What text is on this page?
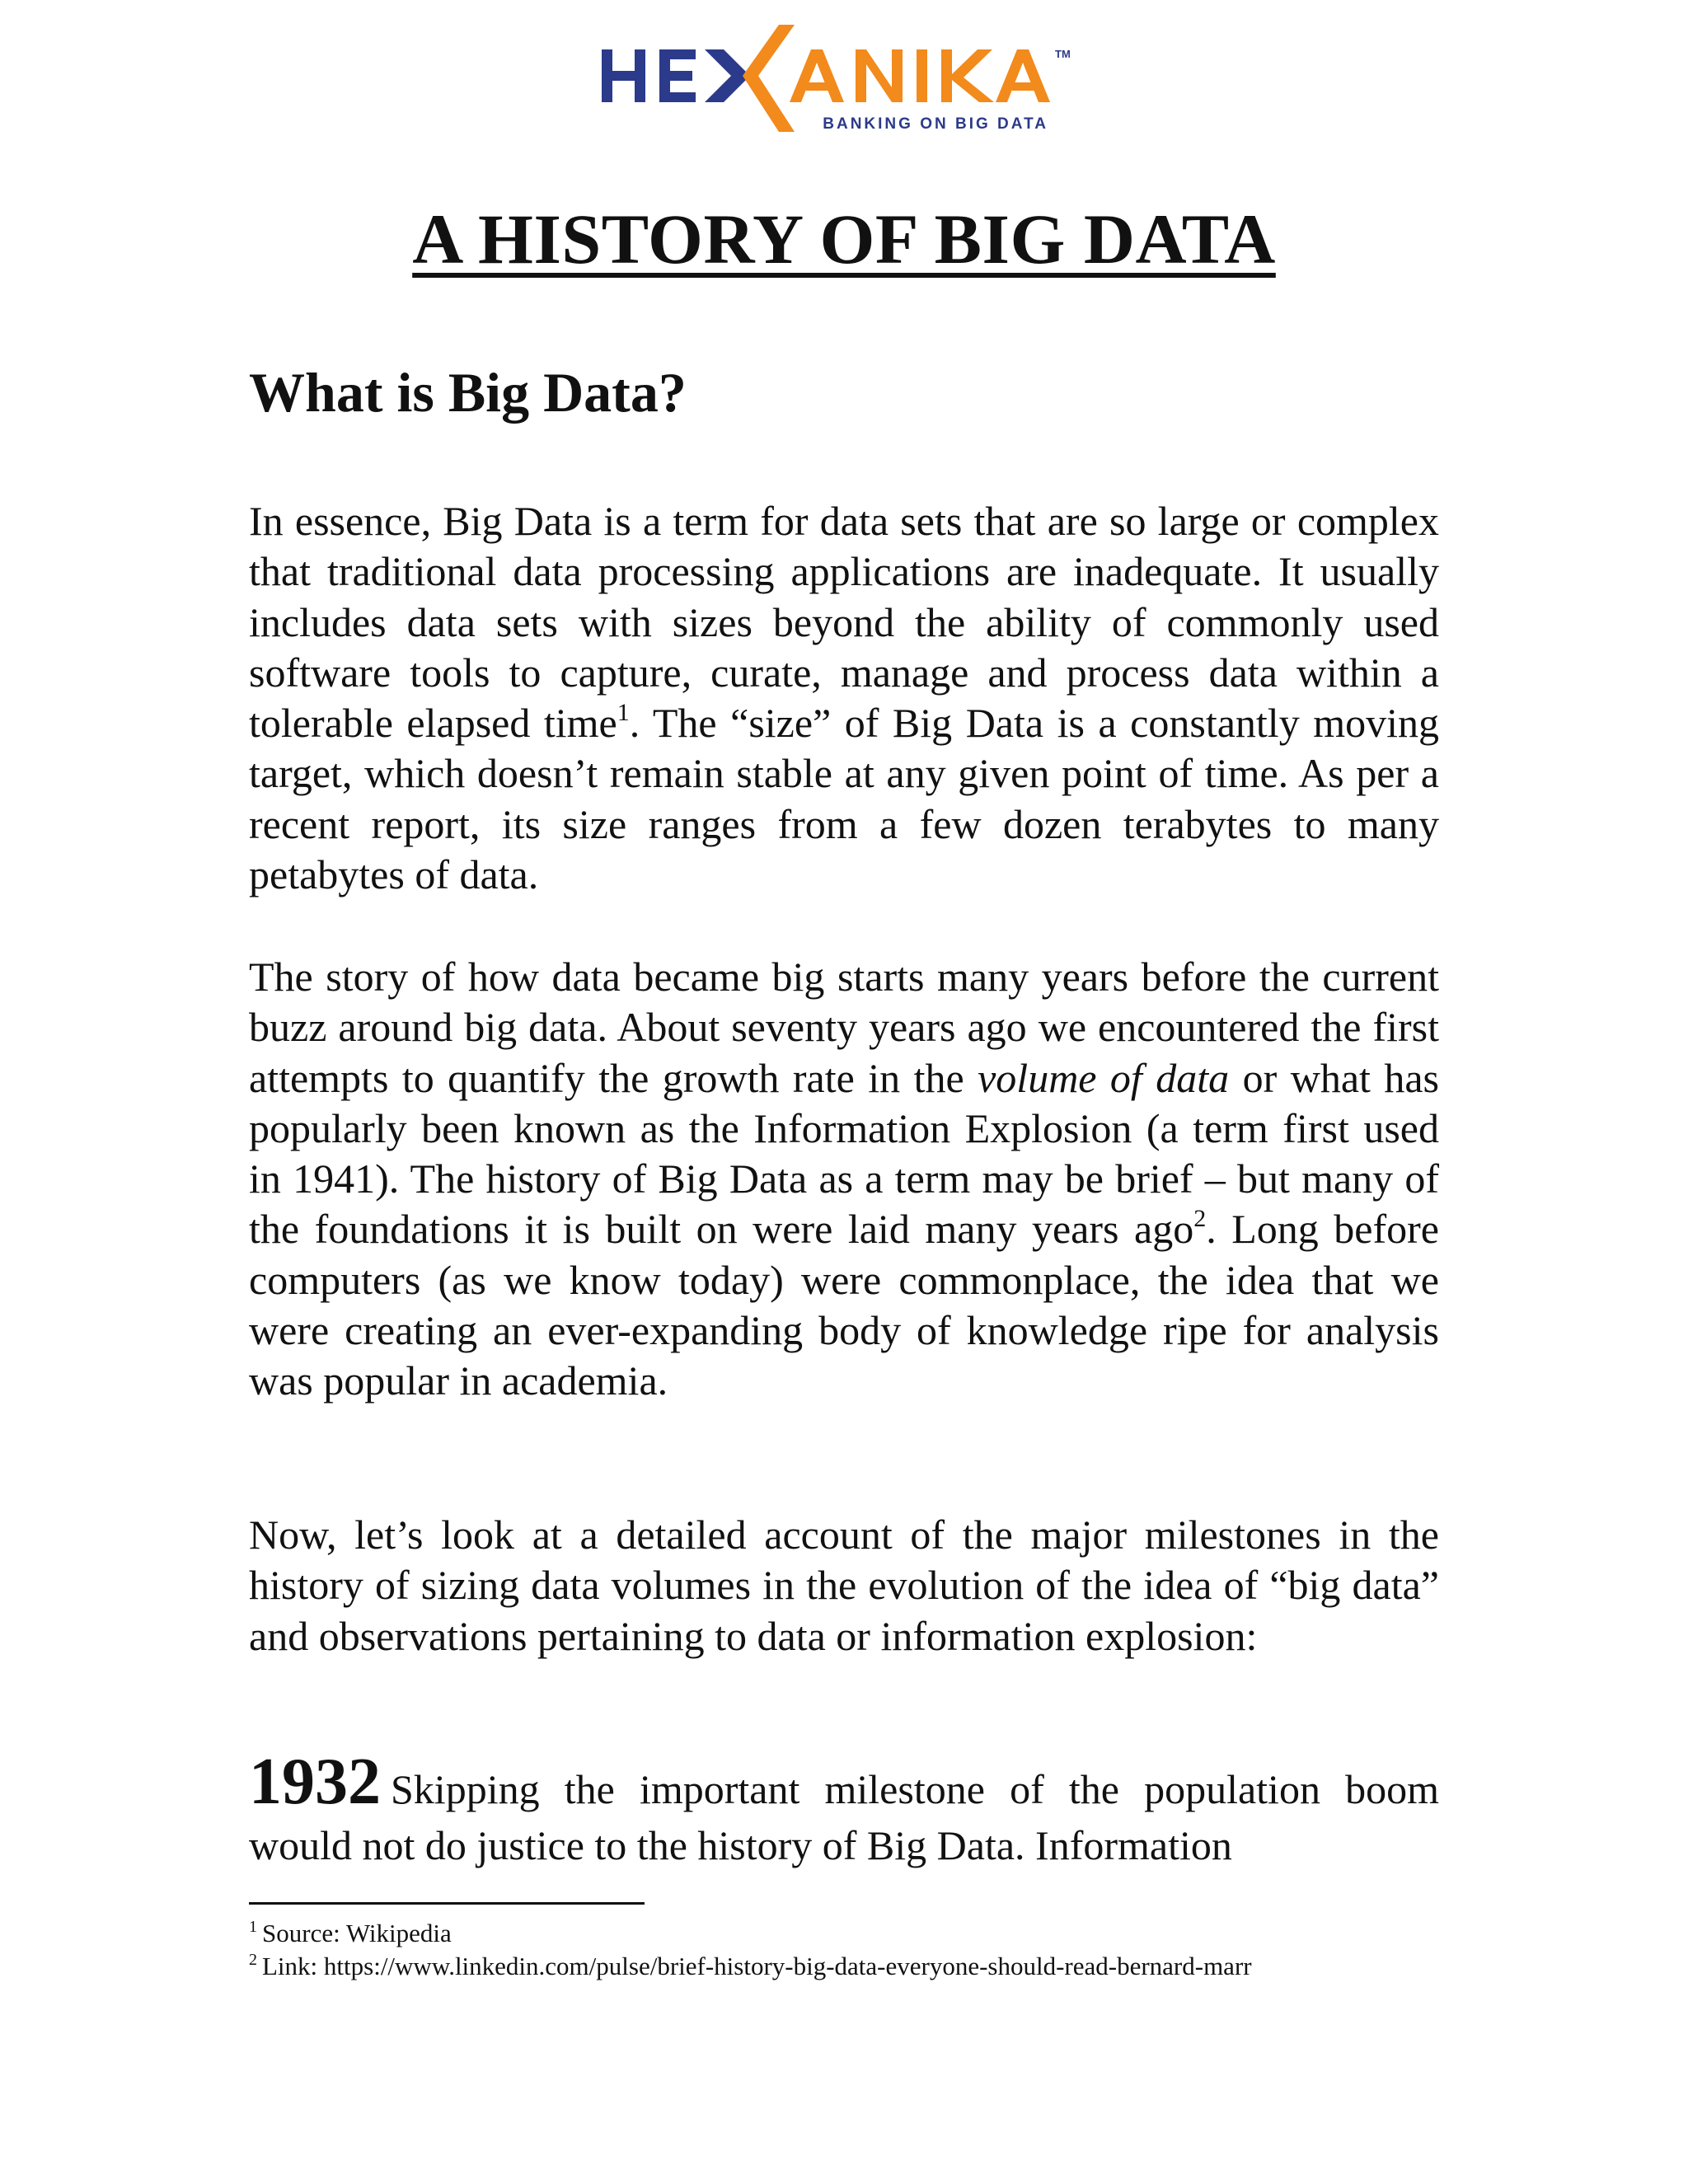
TM
BANKING ON BIG DATA
A HISTORY OF BIG DATA
What is Big Data?

In essence, Big Data is a term for data sets that are so large or complex that traditional data processing applications are inadequate. It usually includes data sets with sizes beyond the ability of commonly used software tools to capture, curate, manage and process data within a tolerable elapsed time$^1$. The “size” of Big Data is a constantly moving target, which doesn’t remain stable at any given point of time. As per a recent report, its size ranges from a few dozen terabytes to many petabytes of data.

The story of how data became big starts many years before the current buzz around big data. About seventy years ago we encountered the first attempts to quantify the growth rate in the volume of data or what has popularly been known as the Information Explosion (a term first used in 1941). The history of Big Data as a term may be brief – but many of the foundations it is built on were laid many years ago$^2$. Long before computers (as we know today) were commonplace, the idea that we were creating an ever-expanding body of knowledge ripe for analysis was popular in academia.

Now, let’s look at a detailed account of the major milestones in the history of sizing data volumes in the evolution of the idea of “big data” and observations pertaining to data or information explosion:

1932 Skipping the important milestone of the population boom would not do justice to the history of Big Data. Information

$^1$ Source: Wikipedia

$^2$ Link: https://www.linkedin.com/pulse/brief-history-big-data-everyone-should-read-bernard-marr
